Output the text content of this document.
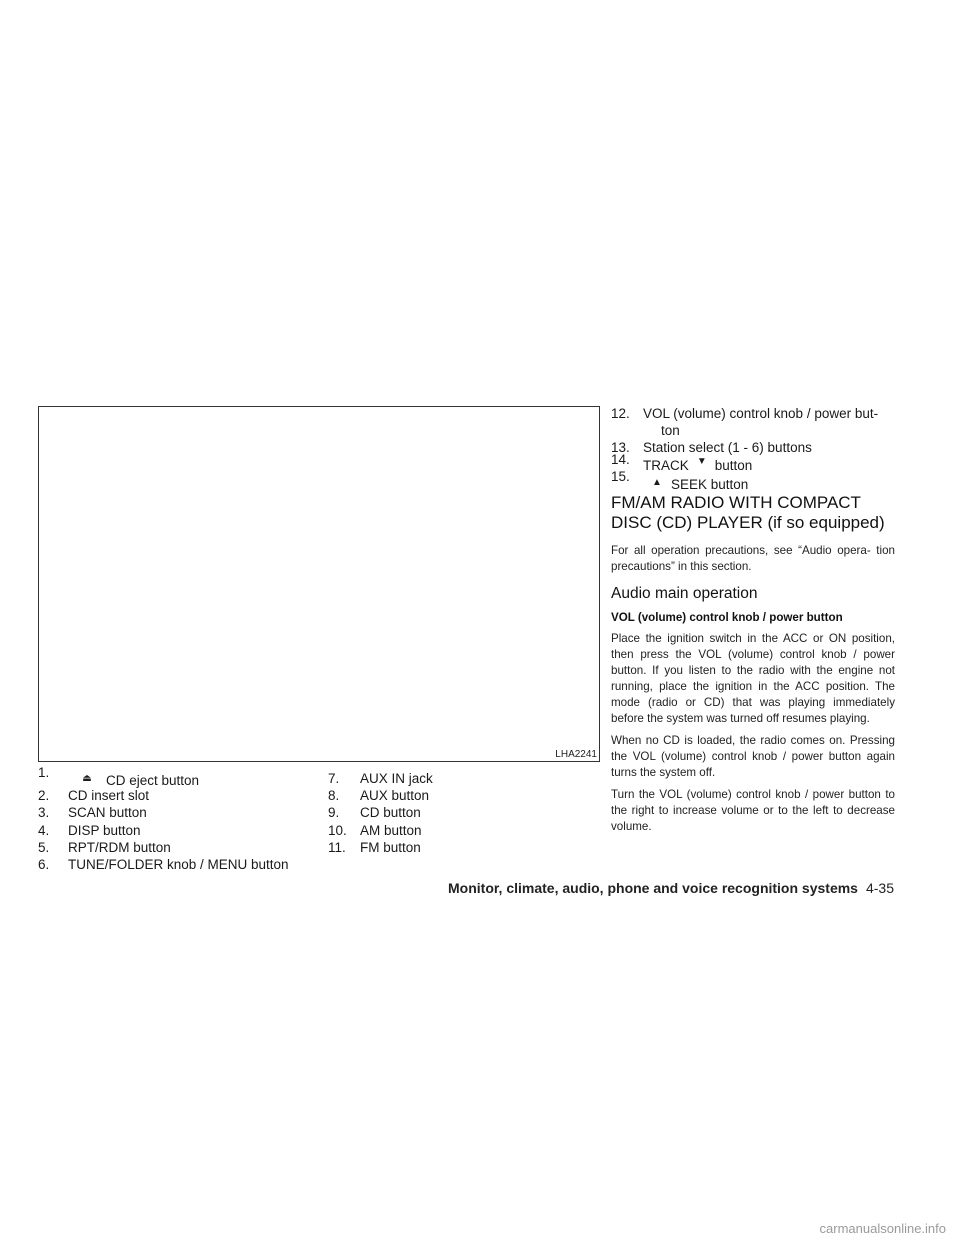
LHA2241
1.	⏏	CD eject button
2.	CD insert slot
3.	SCAN button
4.	DISP button
5.	RPT/RDM button
6.	TUNE/FOLDER knob / MENU button
7.	AUX IN jack
8.	AUX button
9.	CD button
10. AM button
11.	FM button
12. VOL (volume) control knob / power but-
ton
13. Station select (1 - 6) buttons
14. TRACK ▼ button
15.	▲ SEEK button
FM/AM RADIO WITH COMPACT
DISC (CD) PLAYER (if so equipped)

For all operation precautions, see “Audio opera- tion precautions” in this section.

Audio main operation
VOL (volume) control knob / power button

Place the ignition switch in the ACC or ON position, then press the VOL (volume) control knob / power button. If you listen to the radio with the engine not running, place the ignition in the ACC position. The mode (radio or CD) that was playing immediately before the system was turned off resumes playing.

When no CD is loaded, the radio comes on. Pressing the VOL (volume) control knob / power button again turns the system off.

Turn the VOL (volume) control knob / power button to the right to increase volume or to the left to decrease volume.

Monitor, climate, audio, phone and voice recognition systems 4-35
carmanualsonline.info
